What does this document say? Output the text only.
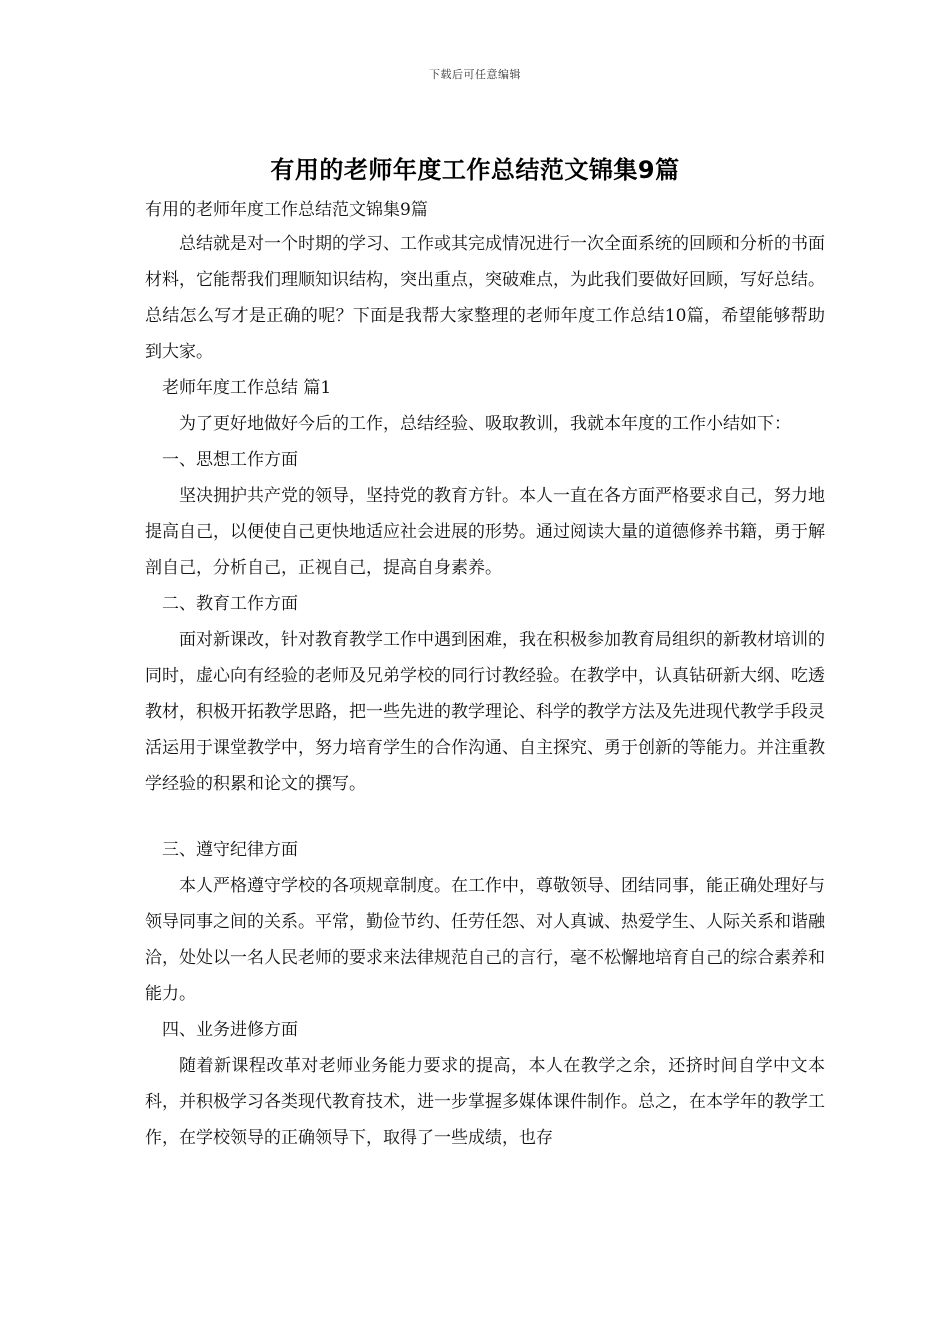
下载后可任意编辑
有用的老师年度工作总结范文锦集9篇

有用的老师年度工作总结范文锦集9篇

总结就是对一个时期的学习、工作或其完成情况进行一次全面系统的回顾和分析的书面材料，它能帮我们理顺知识结构，突出重点，突破难点，为此我们要做好回顾，写好总结。总结怎么写才是正确的呢？下面是我帮大家整理的老师年度工作总结10篇，希望能够帮助到大家。

老师年度工作总结 篇1

为了更好地做好今后的工作，总结经验、吸取教训，我就本年度的工作小结如下：

一、思想工作方面

坚决拥护共产党的领导，坚持党的教育方针。本人一直在各方面严格要求自己，努力地提高自己，以便使自己更快地适应社会进展的形势。通过阅读大量的道德修养书籍，勇于解剖自己，分析自己，正视自己，提高自身素养。

二、教育工作方面

面对新课改，针对教育教学工作中遇到困难，我在积极参加教育局组织的新教材培训的同时，虚心向有经验的老师及兄弟学校的同行讨教经验。在教学中，认真钻研新大纲、吃透教材，积极开拓教学思路，把一些先进的教学理论、科学的教学方法及先进现代教学手段灵活运用于课堂教学中，努力培育学生的合作沟通、自主探究、勇于创新的等能力。并注重教学经验的积累和论文的撰写。

三、遵守纪律方面

本人严格遵守学校的各项规章制度。在工作中，尊敬领导、团结同事，能正确处理好与领导同事之间的关系。平常，勤俭节约、任劳任怨、对人真诚、热爱学生、人际关系和谐融洽，处处以一名人民老师的要求来法律规范自己的言行，毫不松懈地培育自己的综合素养和能力。

四、业务进修方面

随着新课程改革对老师业务能力要求的提高，本人在教学之余，还挤时间自学中文本科，并积极学习各类现代教育技术，进一步掌握多媒体课件制作。总之，在本学年的教学工作，在学校领导的正确领导下，取得了一些成绩，也存
